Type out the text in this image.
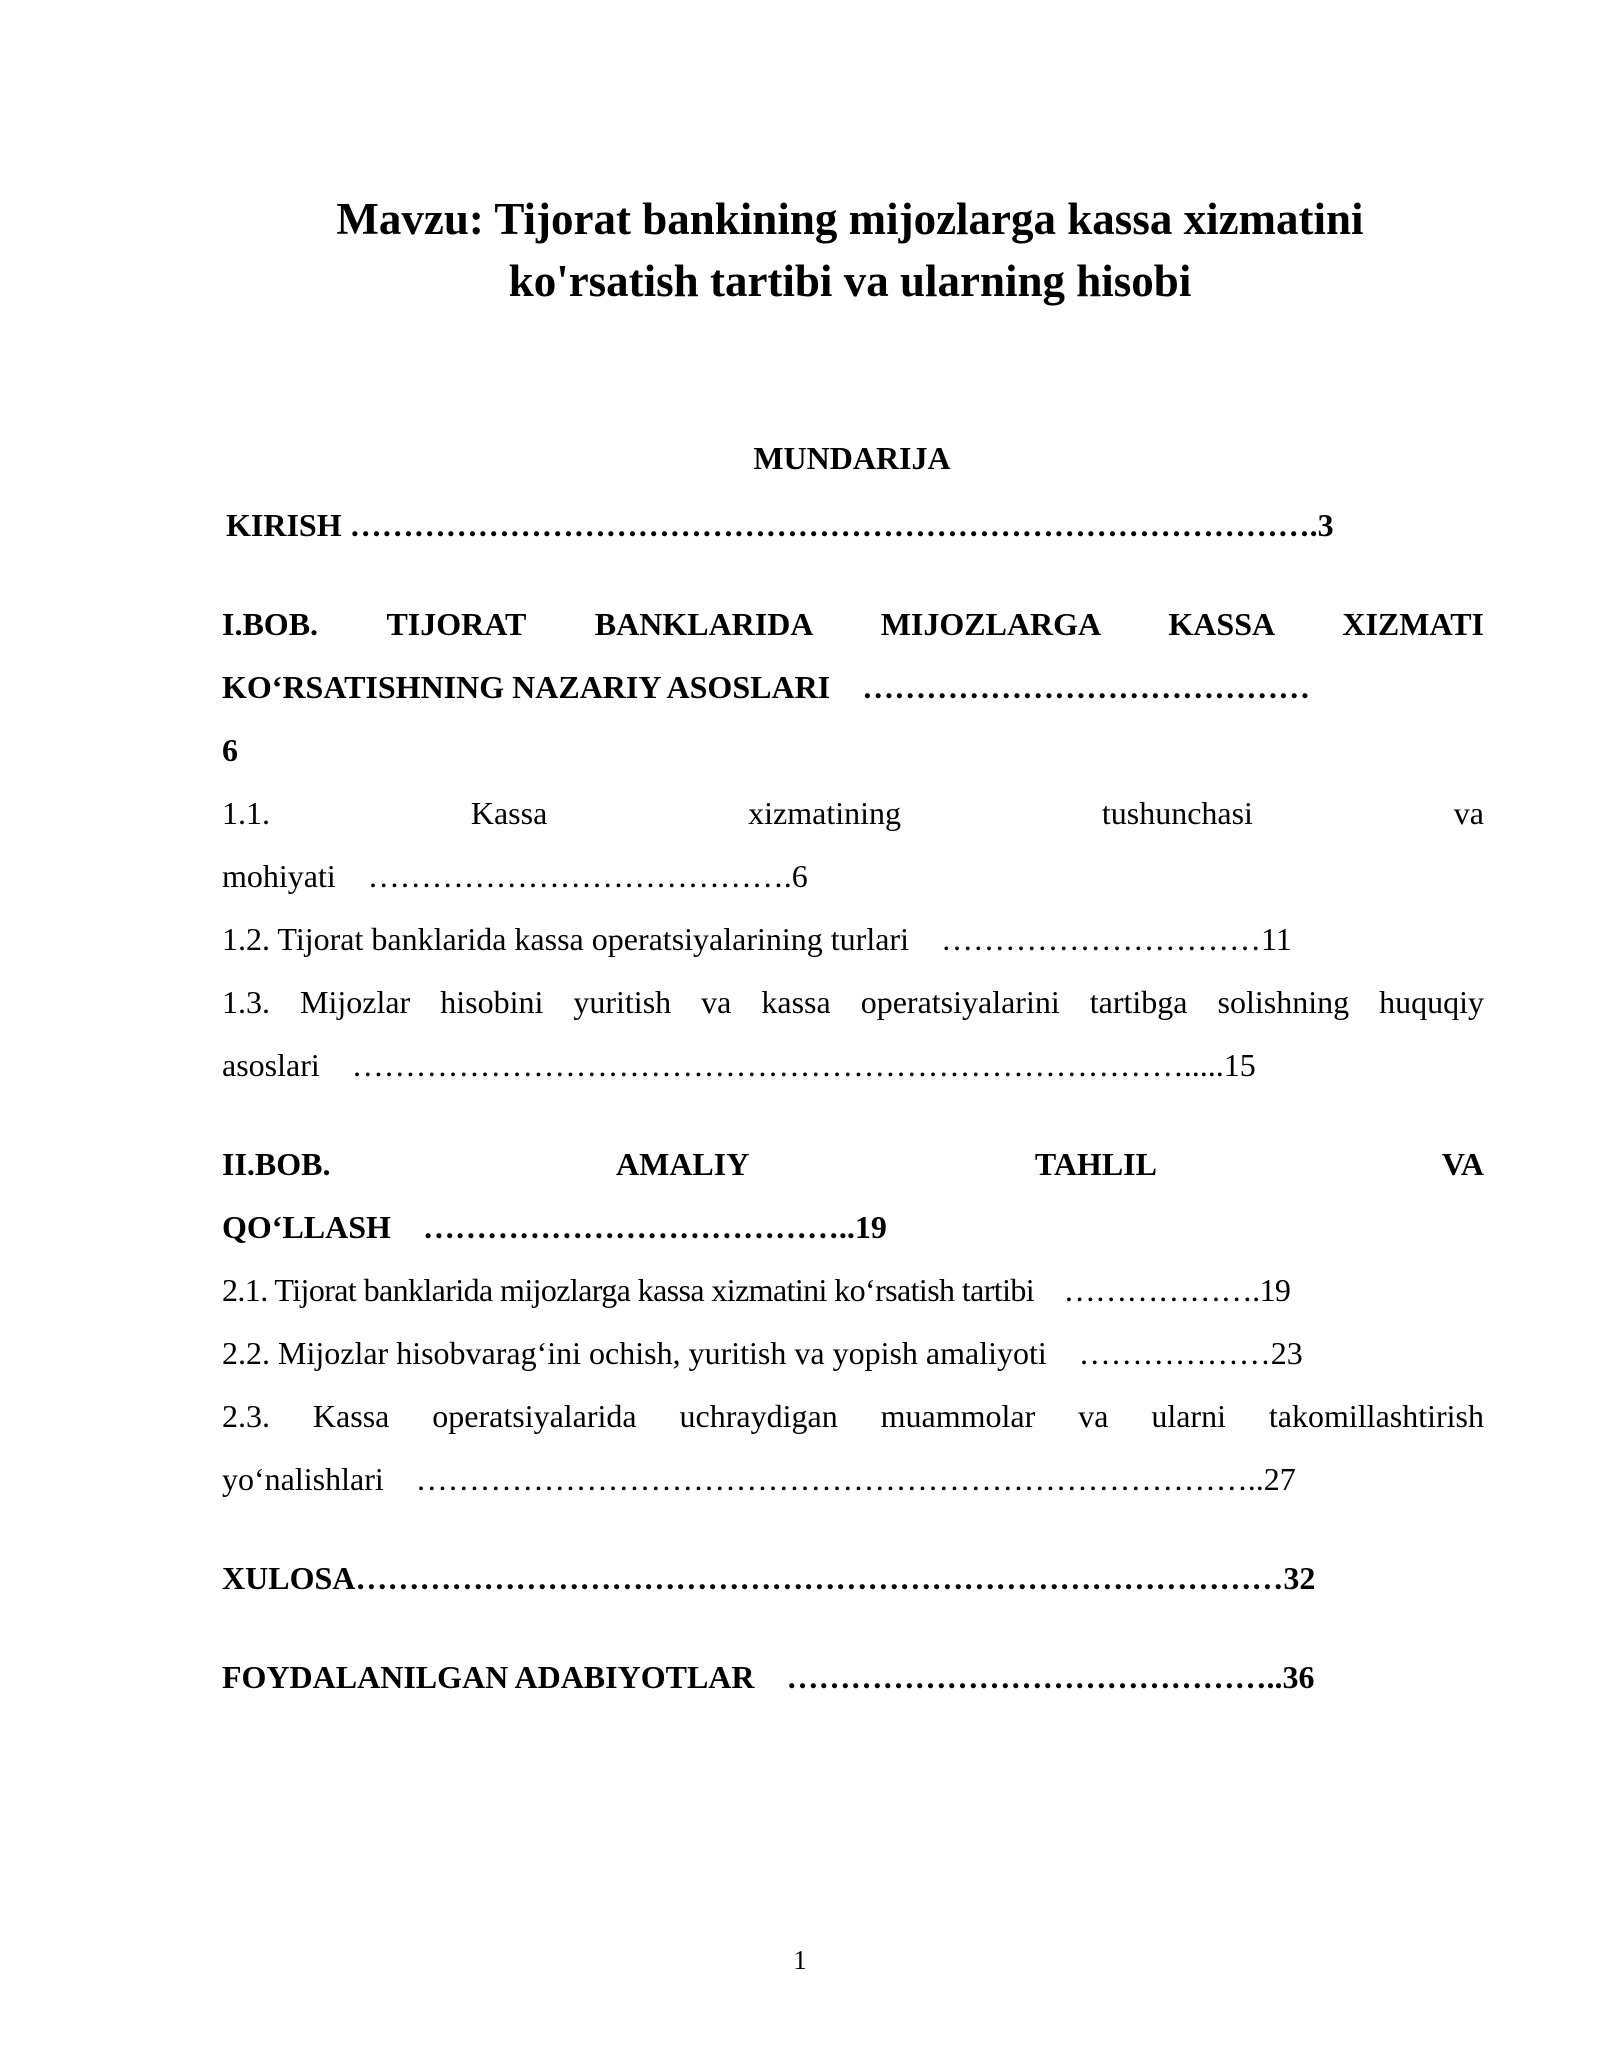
Mavzu: Tijorat bankining mijozlarga kassa xizmatini
ko'rsatish tartibi va ularning hisobi
MUNDARIJA
KIRISH ……………………………………………………………………………….3
I.BOB. TIJORAT BANKLARIDA MIJOZLARGA KASSA XIZMATI
KO‘RSATISHNING NAZARIY ASOSLARI    ……………………………………
6
1.1. Kassa xizmatining tushunchasi va
mohiyati    ………………………………….6
1.2. Tijorat banklarida kassa operatsiyalarining turlari    …………………………11
1.3. Mijozlar hisobini yuritish va kassa operatsiyalarini tartibga solishning huquqiy
asoslari    …………………………………………………………………….....15
II.BOB. AMALIY TAHLIL VA
QO‘LLASH    …………………………………..19
2.1. Tijorat banklarida mijozlarga kassa xizmatini ko‘rsatish tartibi    ……………….19
2.2. Mijozlar hisobvarag‘ini ochish, yuritish va yopish amaliyoti    ………………23
2.3. Kassa operatsiyalarida uchraydigan muammolar va ularni takomillashtirish
yo‘nalishlari    ……………………………………………………………………..27
XULOSA……………………………………………………………………………32
FOYDALANILGAN ADABIYOTLAR    ………………………………………..36
1
